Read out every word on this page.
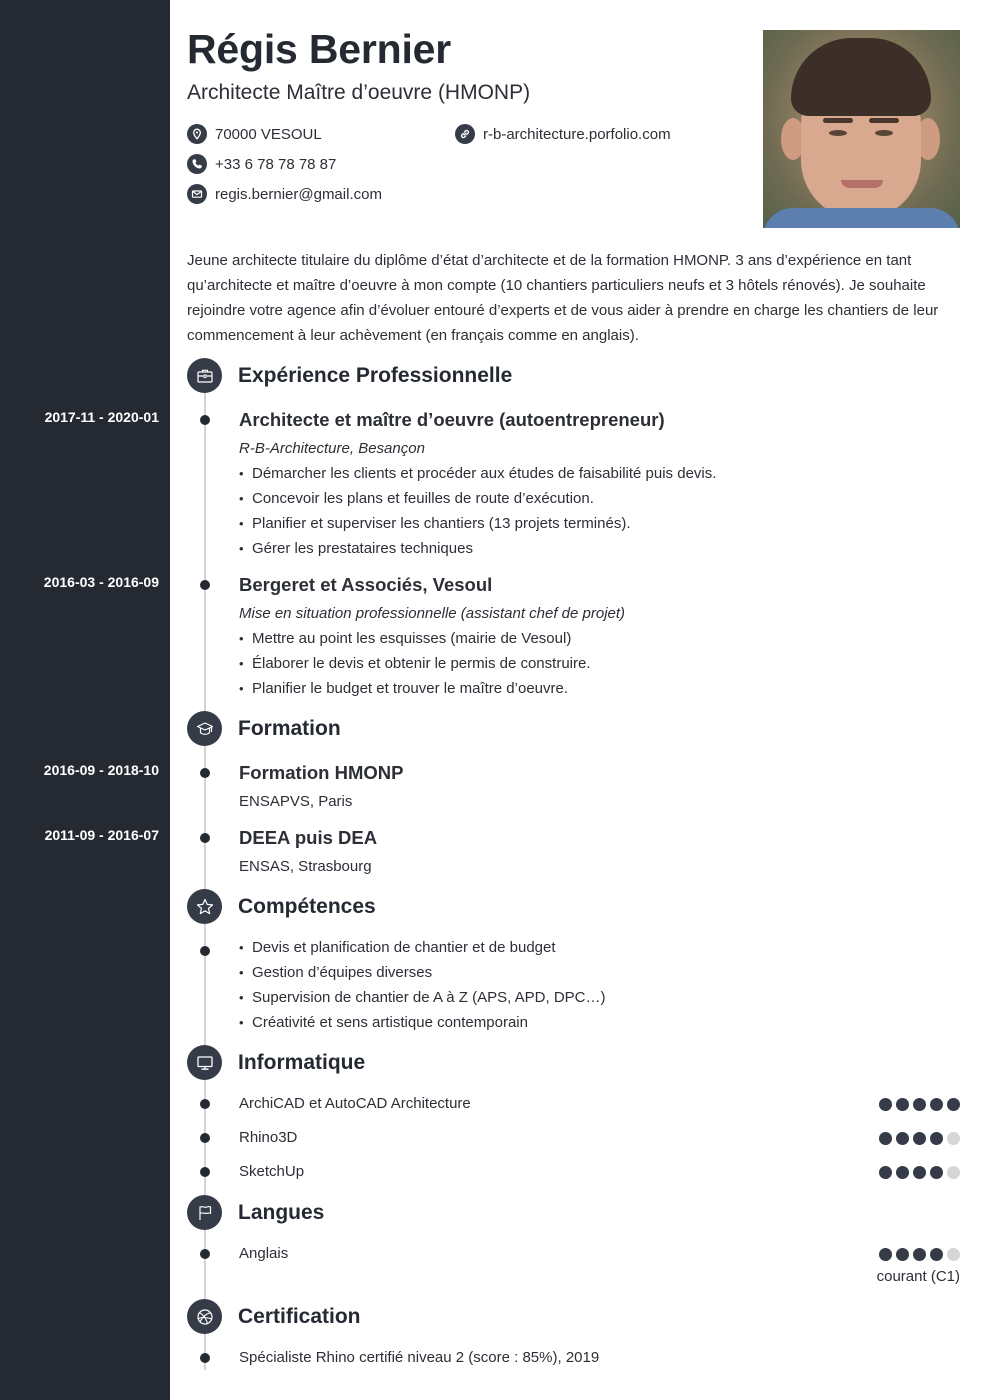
Régis Bernier
Architecte Maître d’oeuvre (HMONP)
70000 VESOUL
+33 6 78 78 78 87
regis.bernier@gmail.com
r-b-architecture.porfolio.com

Jeune architecte titulaire du diplôme d’état d’architecte et de la formation HMONP. 3 ans d’expérience en tant qu’architecte et maître d’oeuvre à mon compte (10 chantiers particuliers neufs et 3 hôtels rénovés). Je souhaite rejoindre votre agence afin d’évoluer entouré d’experts et de vous aider à prendre en charge les chantiers de leur commencement à leur achèvement (en français comme en anglais).

Expérience Professionnelle
2017-11 - 2020-01	Architecte et maître d’oeuvre (autoentrepreneur)
R-B-Architecture, Besançon
• Démarcher les clients et procéder aux études de faisabilité puis devis.
• Concevoir les plans et feuilles de route d’exécution.
• Planifier et superviser les chantiers (13 projets terminés).
• Gérer les prestataires techniques
2016-03 - 2016-09	Bergeret et Associés, Vesoul
Mise en situation professionnelle (assistant chef de projet)
• Mettre au point les esquisses (mairie de Vesoul)
• Élaborer le devis et obtenir le permis de construire.
• Planifier le budget et trouver le maître d’oeuvre.
Formation
2016-09 - 2018-10	Formation HMONP
ENSAPVS, Paris
2011-09 - 2016-07	DEEA puis DEA
ENSAS, Strasbourg
Compétences
• Devis et planification de chantier et de budget
• Gestion d’équipes diverses
• Supervision de chantier de A à Z (APS, APD, DPC…)
• Créativité et sens artistique contemporain
Informatique
ArchiCAD et AutoCAD Architecture
Rhino3D
SketchUp
Langues
Anglais
courant (C1)
Certification
Spécialiste Rhino certifié niveau 2 (score : 85%), 2019
